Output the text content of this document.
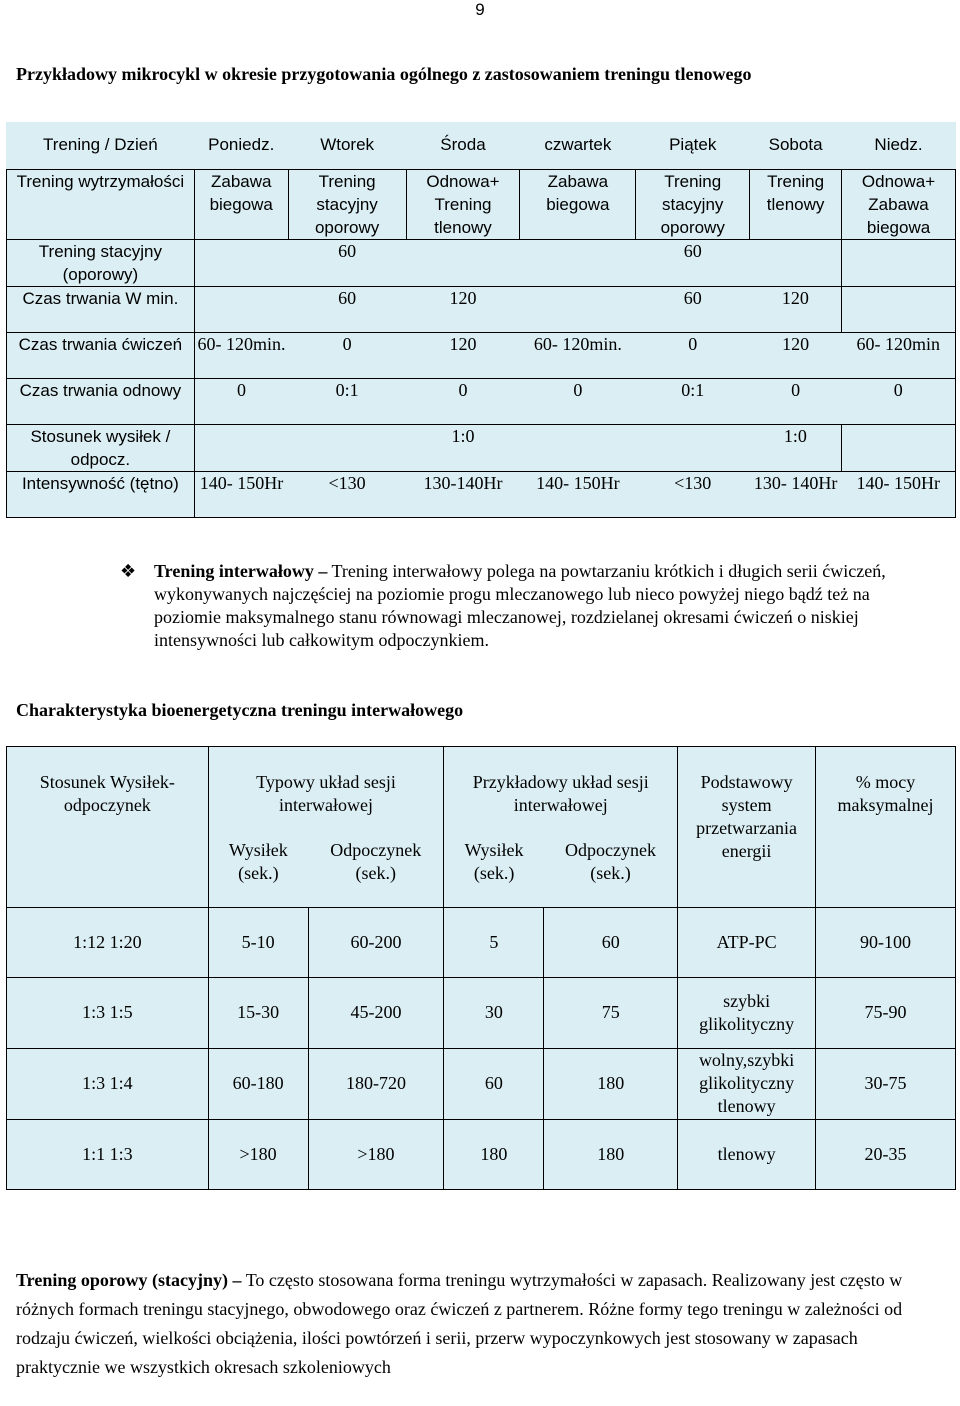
9
Przykładowy mikrocykl w okresie przygotowania ogólnego z zastosowaniem treningu tlenowego
Trening / Dzień	Poniedz.	Wtorek	Środa	czwartek	Piątek	Sobota	Niedz.
Trening wytrzymałości	Zabawa biegowa	Trening stacyjny oporowy	Odnowa+ Trening tlenowy	Zabawa biegowa	Trening stacyjny oporowy	Trening tlenowy	Odnowa+ Zabawa biegowa
Trening stacyjny (oporowy)		60			60		
Czas trwania W min.		60	120		60	120	
Czas trwania ćwiczeń	60- 120min.	0	120	60- 120min.	0	120	60- 120min
Czas trwania odnowy	0	0:1	0	0	0:1	0	0
Stosunek wysiłek / odpocz.			1:0			1:0	
Intensywność (tętno)	140- 150Hr	<130	130-140Hr	140- 150Hr	<130	130- 140Hr	140- 150Hr
❖ Trening interwałowy – Trening interwałowy polega na powtarzaniu krótkich i długich serii ćwiczeń, wykonywanych najczęściej na poziomie progu mleczanowego lub nieco powyżej niego bądź też na poziomie maksymalnego stanu równowagi mleczanowej, rozdzielanej okresami ćwiczeń o niskiej intensywności lub całkowitym odpoczynkiem.
Charakterystyka bioenergetyczna treningu interwałowego
Stosunek Wysiłek-odpoczynek	Typowy układ sesji interwałowej		Przykładowy układ sesji interwałowej		Podstawowy system przetwarzania energii	% mocy maksymalnej
	Wysiłek (sek.)	Odpoczynek (sek.)	Wysiłek (sek.)	Odpoczynek (sek.)		
1:12 1:20	5-10	60-200	5	60	ATP-PC	90-100
1:3 1:5	15-30	45-200	30	75	szybki glikolityczny	75-90
1:3 1:4	60-180	180-720	60	180	wolny,szybki glikolityczny tlenowy	30-75
1:1 1:3	>180	>180	180	180	tlenowy	20-35
Trening oporowy (stacyjny) – To często stosowana forma treningu wytrzymałości w zapasach. Realizowany jest często w różnych formach treningu stacyjnego, obwodowego oraz ćwiczeń z partnerem. Różne formy tego treningu w zależności od rodzaju ćwiczeń, wielkości obciążenia, ilości powtórzeń i serii, przerw wypoczynkowych jest stosowany w zapasach praktycznie we wszystkich okresach szkoleniowych
